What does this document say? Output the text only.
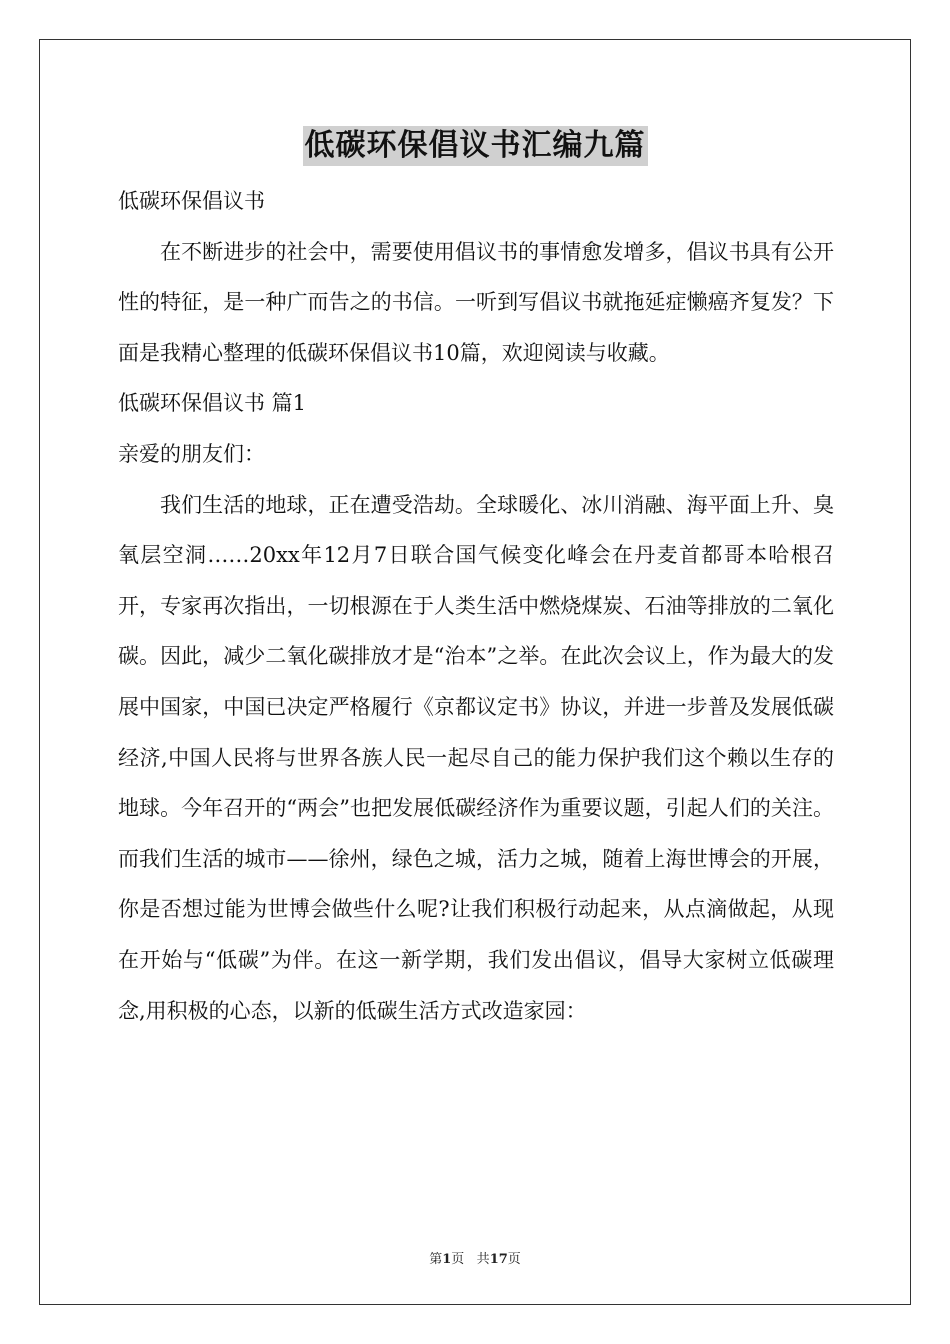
低碳环保倡议书汇编九篇

低碳环保倡议书

在不断进步的社会中，需要使用倡议书的事情愈发增多，倡议书具有公开性的特征，是一种广而告之的书信。一听到写倡议书就拖延症懒癌齐复发？下面是我精心整理的低碳环保倡议书10篇，欢迎阅读与收藏。

低碳环保倡议书 篇1

亲爱的朋友们：

我们生活的地球，正在遭受浩劫。全球暖化、冰川消融、海平面上升、臭氧层空洞……20xx年12月7日联合国气候变化峰会在丹麦首都哥本哈根召开，专家再次指出，一切根源在于人类生活中燃烧煤炭、石油等排放的二氧化碳。因此，减少二氧化碳排放才是“治本”之举。在此次会议上，作为最大的发展中国家，中国已决定严格履行《京都议定书》协议，并进一步普及发展低碳经济,中国人民将与世界各族人民一起尽自己的能力保护我们这个赖以生存的地球。今年召开的“两会”也把发展低碳经济作为重要议题，引起人们的关注。而我们生活的城市——徐州，绿色之城，活力之城，随着上海世博会的开展，你是否想过能为世博会做些什么呢?让我们积极行动起来，从点滴做起，从现在开始与“低碳”为伴。在这一新学期，我们发出倡议，倡导大家树立低碳理念,用积极的心态，以新的低碳生活方式改造家园：

第1页 共17页
